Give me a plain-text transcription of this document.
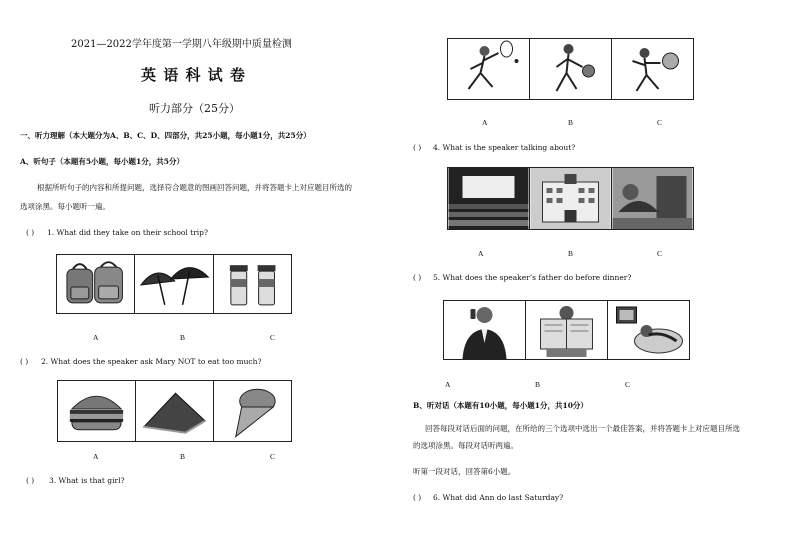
2021—2022学年度第一学期八年级期中质量检测
英 语 科 试 卷
听力部分（25分）
一、听力理解（本大题分为A、B、C、D、四部分，共25小题，每小题1分，共25分）
A、听句子（本题有5小题，每小题1分，共5分）
根据所听句子的内容和所提问题，选择符合题意的图画回答问题，并将答题卡上对应题目所选的
选项涂黑。每小题听一遍。
( ) 1. What did they take on their school trip?
A	B	C
( ) 2. What does the speaker ask Mary NOT to eat too much?
A	B	C
( ) 3. What is that girl?
A	B	C
( ) 4. What is the speaker talking about?
A	B	C
( ) 5. What does the speaker’s father do before dinner?
A	B	C
B、听对话（本题有10小题，每小题1分，共10分）
回答每段对话后面的问题，在所给的三个选项中选出一个最佳答案，并将答题卡上对应题目所选
的选项涂黑。每段对话听两遍。
听第一段对话，回答第6小题。
( ) 6. What did Ann do last Saturday?
